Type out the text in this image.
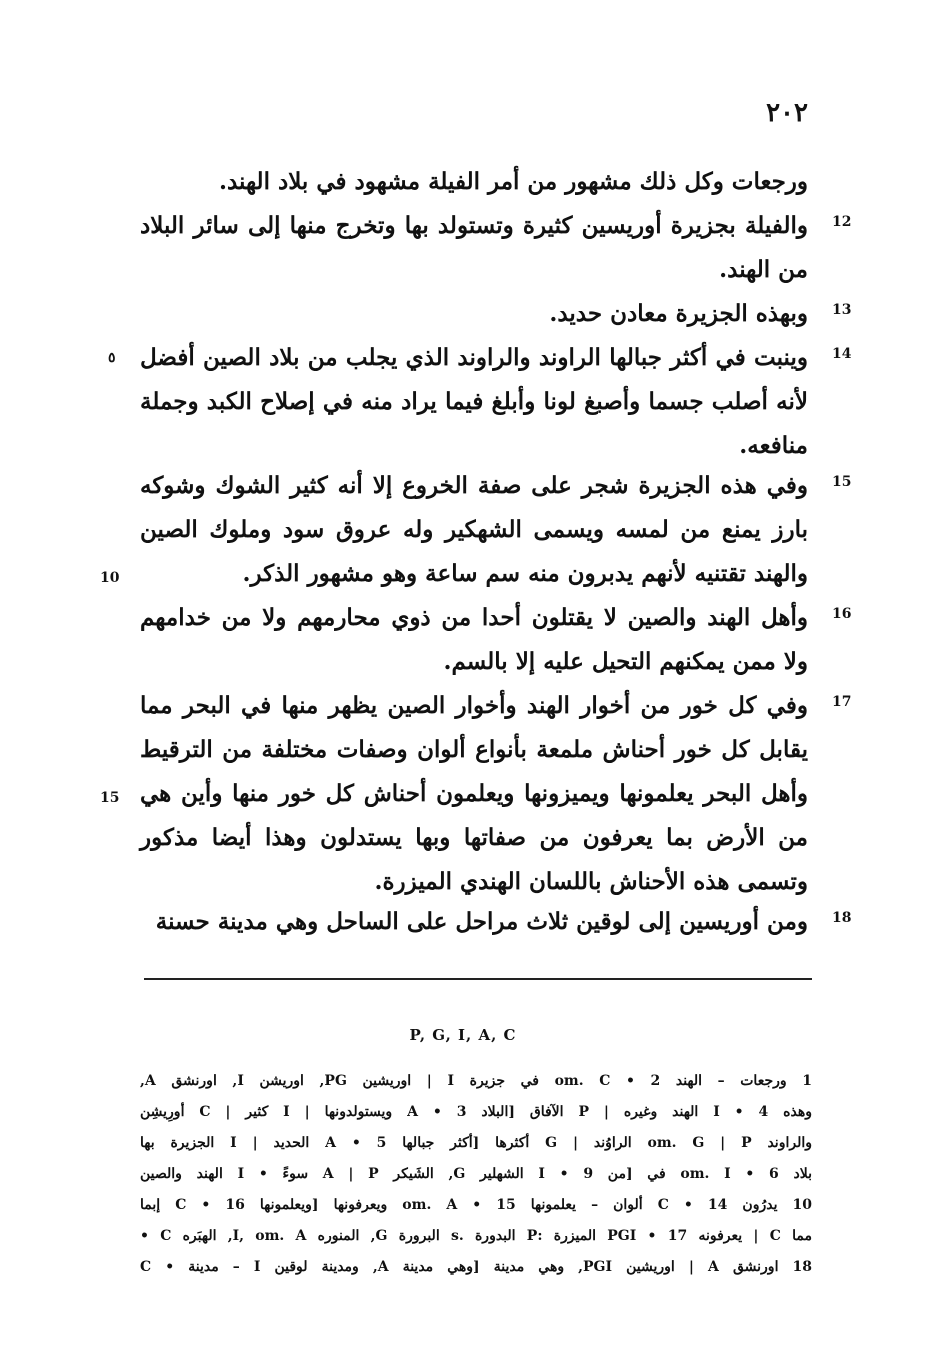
٢٠٢
ورجعات وكل ذلك مشهور من أمر الفيلة مشهود في بلاد الهند.
12
والفيلة بجزيرة أوريسين كثيرة وتستولد بها وتخرج منها إلى سائر البلاد من الهند.
13
وبهذه الجزيرة معادن حديد.
14
وينبت في أكثر جبالها الراوند والراوند الذي يجلب من بلاد الصين أفضل لأنه أصلب جسما وأصبغ لونا وأبلغ فيما يراد منه في إصلاح الكبد وجملة منافعه.
15
وفي هذه الجزيرة شجر على صفة الخروع إلا أنه كثير الشوك وشوكه بارز يمنع من لمسه ويسمى الشهكير وله عروق سود وملوك الصين والهند تقتنيه لأنهم يدبرون منه سم ساعة وهو مشهور الذكر.
16
وأهل الهند والصين لا يقتلون أحدا من ذوي محارمهم ولا من خدامهم ولا ممن يمكنهم التحيل عليه إلا بالسم.
17
وفي كل خور من أخوار الهند وأخوار الصين يظهر منها في البحر مما يقابل كل خور أحناش ملمعة بأنواع ألوان وصفات مختلفة من الترقيط وأهل البحر يعلمونها ويميزونها ويعلمون أحناش كل خور منها وأين هي من الأرض بما يعرفون من صفاتها وبها يستدلون وهذا أيضا مذكور وتسمى هذه الأحناش باللسان الهندي الميزرة.
18
ومن أوريسين إلى لوقين ثلاث مراحل على الساحل وهي مدينة حسنة
٥
10
15
P, G, I, A, C
1 ورجعات – الهند om. C • 2 في جزيرة I | اوريشين PG, اوريشن I, اورنشق A,
وهذه 4 • I الهند وغيره | P الآفاق [البلاد 3 • A ويستولدونها | I كثير | C أورِيشِن
والراوند om. G | P الراوُند | G أكثرها [أكثر جبالها 5 • A الحديد | I الجزيرة بها
بلاد om. I • 6 في [من I • 9 الشهلير G, الشَيكر A | P سوءً • I الهند والصين
10 يدرُون C • 14 ألوان – يعلمونها om. A • 15 ويعرفونها [ويعلمونها C • 16 إبما
مما C | يعرفونه PGI • 17 الميزرة :P البدورة .s البرورة G, المنوره I, om. A, الهبَره C •
18 اورنشق A | اوريشين PGI, وهي مدينة [وهي مدينة A, ومدينة لوقين I – مدينة • C
